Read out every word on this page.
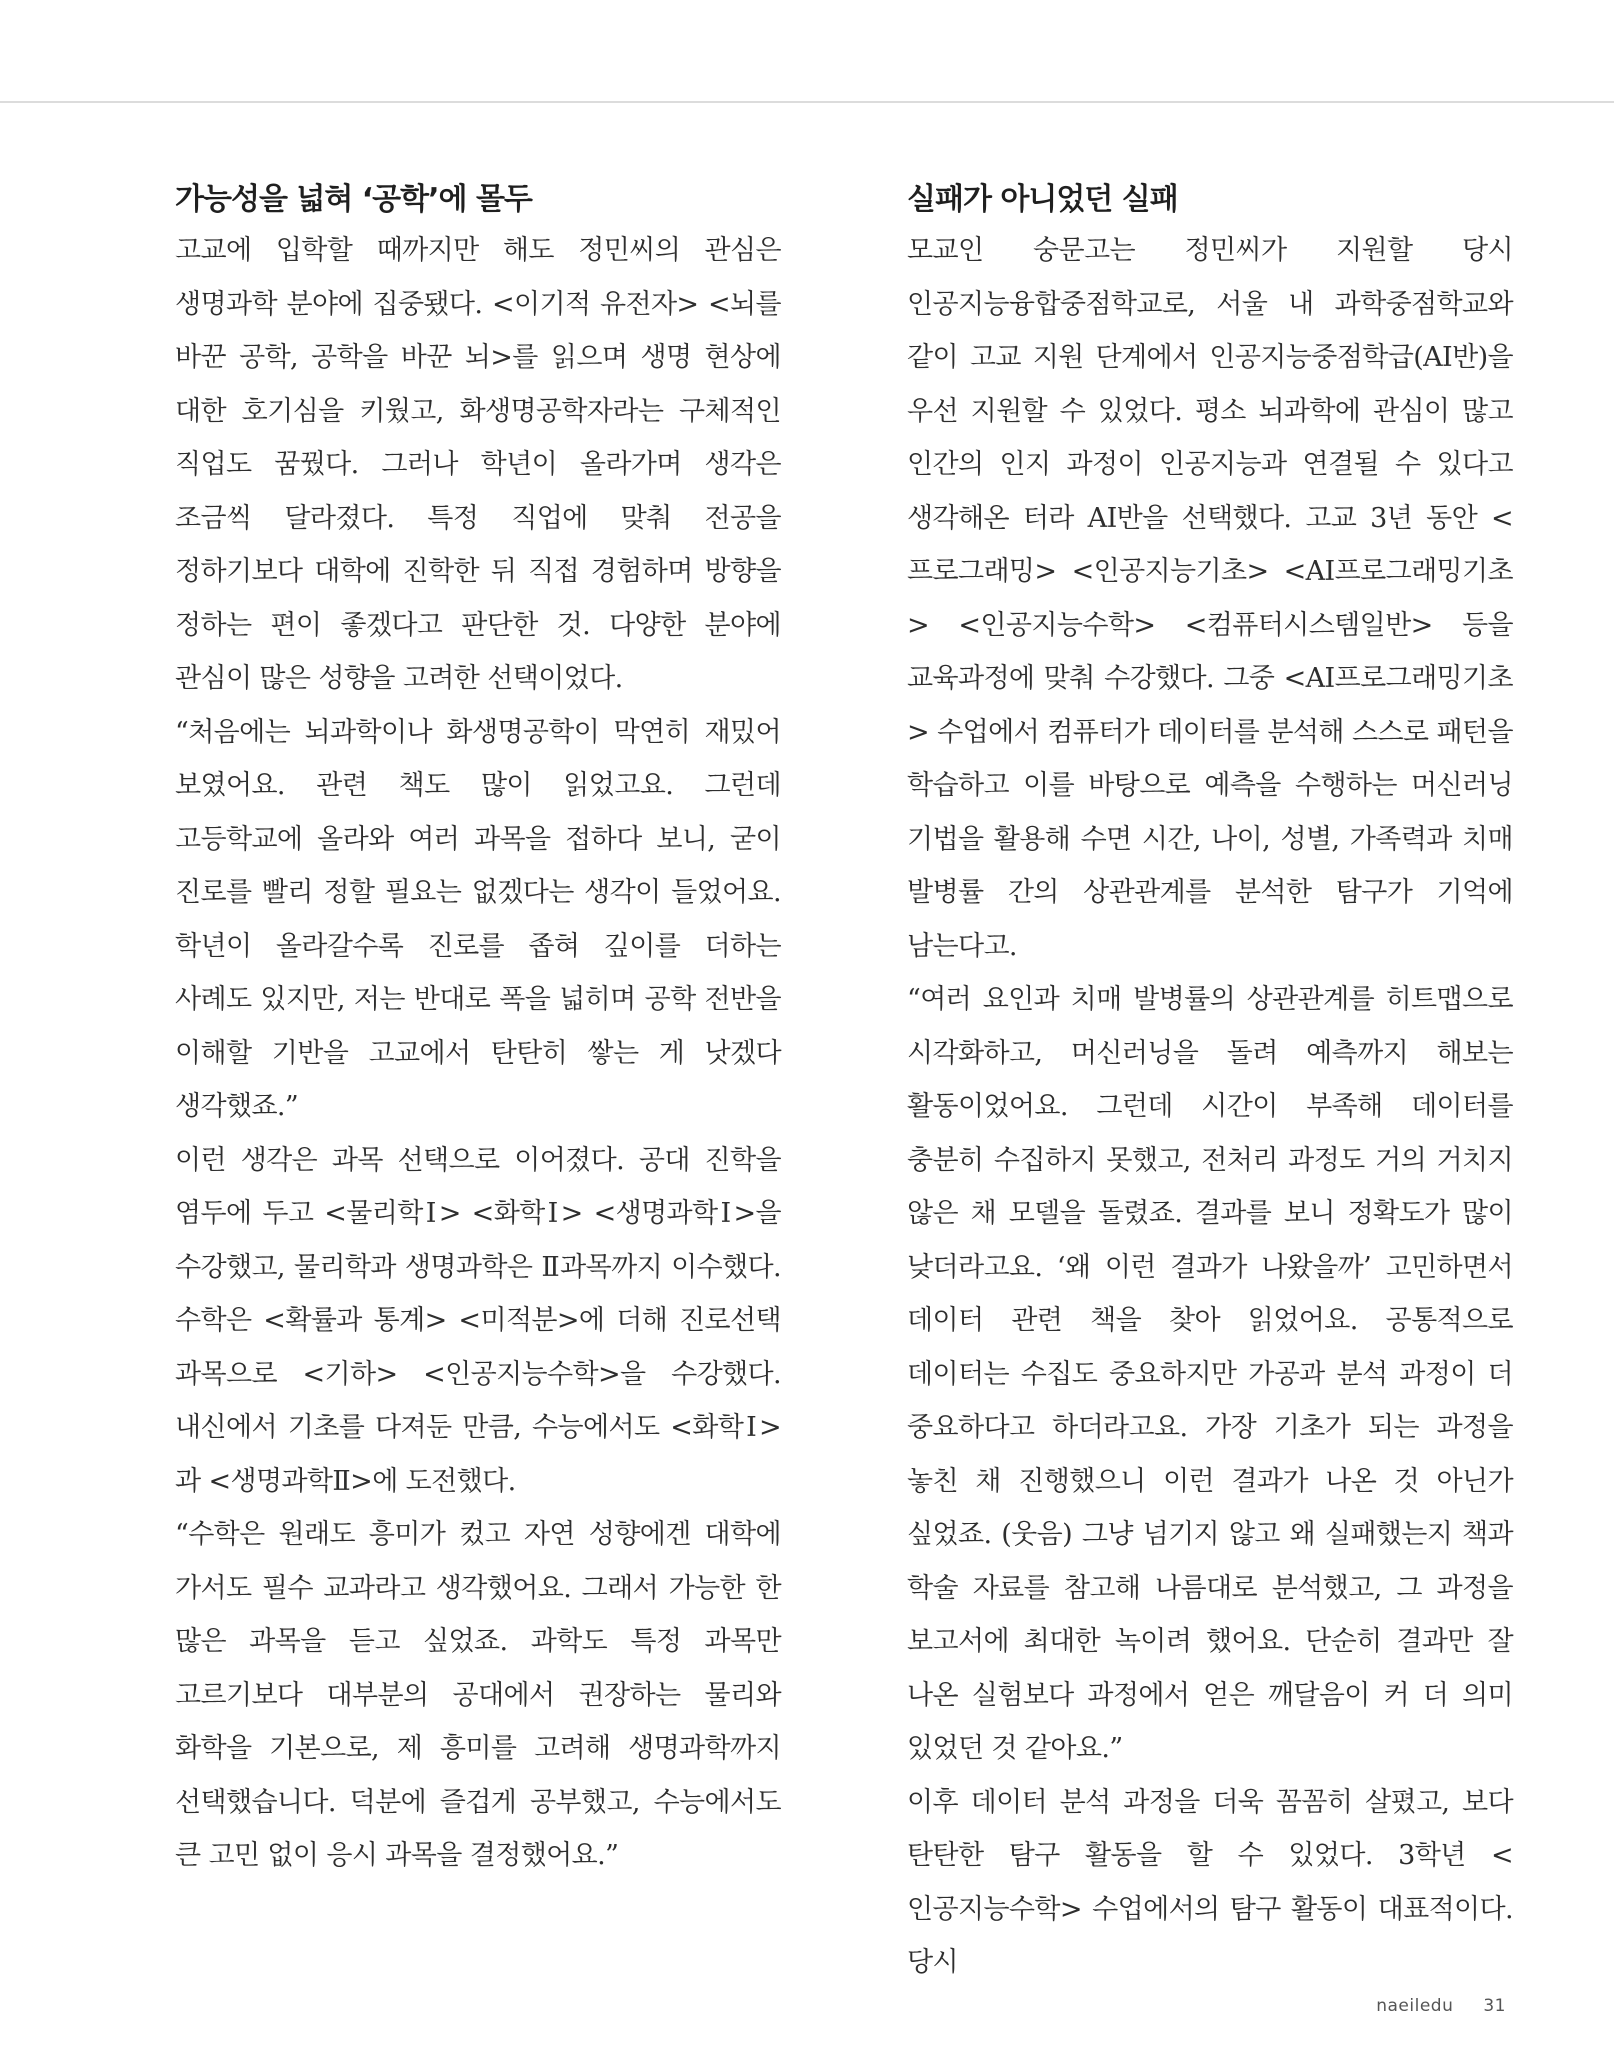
가능성을 넓혀 ‘공학’에 몰두

고교에 입학할 때까지만 해도 정민씨의 관심은 생명과학 분야에 집중됐다. <이기적 유전자> <뇌를 바꾼 공학, 공학을 바꾼 뇌>를 읽으며 생명 현상에 대한 호기심을 키웠고, 화생명공학자라는 구체적인 직업도 꿈꿨다. 그러나 학년이 올라가며 생각은 조금씩 달라졌다. 특정 직업에 맞춰 전공을 정하기보다 대학에 진학한 뒤 직접 경험하며 방향을 정하는 편이 좋겠다고 판단한 것. 다양한 분야에 관심이 많은 성향을 고려한 선택이었다.

“처음에는 뇌과학이나 화생명공학이 막연히 재밌어 보였어요. 관련 책도 많이 읽었고요. 그런데 고등학교에 올라와 여러 과목을 접하다 보니, 굳이 진로를 빨리 정할 필요는 없겠다는 생각이 들었어요. 학년이 올라갈수록 진로를 좁혀 깊이를 더하는 사례도 있지만, 저는 반대로 폭을 넓히며 공학 전반을 이해할 기반을 고교에서 탄탄히 쌓는 게 낫겠다 생각했죠.”

이런 생각은 과목 선택으로 이어졌다. 공대 진학을 염두에 두고 <물리학Ⅰ> <화학Ⅰ> <생명과학Ⅰ>을 수강했고, 물리학과 생명과학은 Ⅱ과목까지 이수했다. 수학은 <확률과 통계> <미적분>에 더해 진로선택 과목으로 <기하> <인공지능수학>을 수강했다. 내신에서 기초를 다져둔 만큼, 수능에서도 <화학Ⅰ>과 <생명과학Ⅱ>에 도전했다.

“수학은 원래도 흥미가 컸고 자연 성향에겐 대학에 가서도 필수 교과라고 생각했어요. 그래서 가능한 한 많은 과목을 듣고 싶었죠. 과학도 특정 과목만 고르기보다 대부분의 공대에서 권장하는 물리와 화학을 기본으로, 제 흥미를 고려해 생명과학까지 선택했습니다. 덕분에 즐겁게 공부했고, 수능에서도 큰 고민 없이 응시 과목을 결정했어요.”

실패가 아니었던 실패

모교인 숭문고는 정민씨가 지원할 당시 인공지능융합중점학교로, 서울 내 과학중점학교와 같이 고교 지원 단계에서 인공지능중점학급(AI반)을 우선 지원할 수 있었다. 평소 뇌과학에 관심이 많고 인간의 인지 과정이 인공지능과 연결될 수 있다고 생각해온 터라 AI반을 선택했다. 고교 3년 동안 <프로그래밍> <인공지능기초> <AI프로그래밍기초> <인공지능수학> <컴퓨터시스템일반> 등을 교육과정에 맞춰 수강했다. 그중 <AI프로그래밍기초> 수업에서 컴퓨터가 데이터를 분석해 스스로 패턴을 학습하고 이를 바탕으로 예측을 수행하는 머신러닝 기법을 활용해 수면 시간, 나이, 성별, 가족력과 치매 발병률 간의 상관관계를 분석한 탐구가 기억에 남는다고.

“여러 요인과 치매 발병률의 상관관계를 히트맵으로 시각화하고, 머신러닝을 돌려 예측까지 해보는 활동이었어요. 그런데 시간이 부족해 데이터를 충분히 수집하지 못했고, 전처리 과정도 거의 거치지 않은 채 모델을 돌렸죠. 결과를 보니 정확도가 많이 낮더라고요. ‘왜 이런 결과가 나왔을까’ 고민하면서 데이터 관련 책을 찾아 읽었어요. 공통적으로 데이터는 수집도 중요하지만 가공과 분석 과정이 더 중요하다고 하더라고요. 가장 기초가 되는 과정을 놓친 채 진행했으니 이런 결과가 나온 것 아닌가 싶었죠. (웃음) 그냥 넘기지 않고 왜 실패했는지 책과 학술 자료를 참고해 나름대로 분석했고, 그 과정을 보고서에 최대한 녹이려 했어요. 단순히 결과만 잘 나온 실험보다 과정에서 얻은 깨달음이 커 더 의미 있었던 것 같아요.”

이후 데이터 분석 과정을 더욱 꼼꼼히 살폈고, 보다 탄탄한 탐구 활동을 할 수 있었다. 3학년 <인공지능수학> 수업에서의 탐구 활동이 대표적이다. 당시

naeiledu 31
